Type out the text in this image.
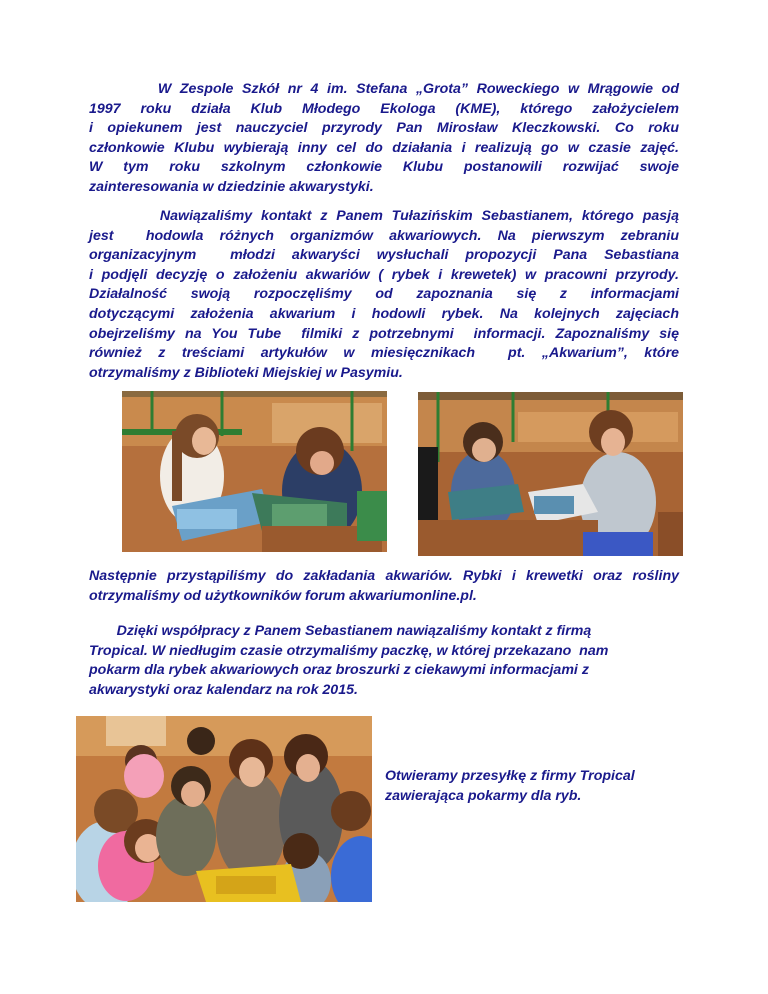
W Zespole Szkół nr 4 im. Stefana „Grota” Roweckiego w Mrągowie od
1997 roku działa Klub Młodego Ekologa (KME), którego założycielem
i opiekunem jest nauczyciel przyrody Pan Mirosław Kleczkowski. Co roku
członkowie Klubu wybierają inny cel do działania i realizują go w czasie zajęć.
W tym roku szkolnym członkowie Klubu postanowili rozwijać swoje
zainteresowania w dziedzinie akwarystyki.
Nawiązaliśmy kontakt z Panem Tułazińskim Sebastianem, którego pasją
jest  hodowla różnych organizmów akwariowych. Na pierwszym zebraniu
organizacyjnym  młodzi akwaryści wysłuchali propozycji Pana Sebastiana
i podjęli decyzję o założeniu akwariów ( rybek i krewetek) w pracowni przyrody.
Działalność swoją rozpoczęliśmy od zapoznania się z informacjami
dotyczącymi założenia akwarium i hodowli rybek. Na kolejnych zajęciach
obejrzeliśmy na You Tube  filmiki z potrzebnymi  informacji. Zapoznaliśmy się
również z treściami artykułów w miesięcznikach  pt. „Akwarium”, które
otrzymaliśmy z Biblioteki Miejskiej w Pasymiu.
Następnie przystąpiliśmy do zakładania akwariów. Rybki i krewetki oraz rośliny
otrzymaliśmy od użytkowników forum akwariumonline.pl.
Dzięki współpracy z Panem Sebastianem nawiązaliśmy kontakt z firmą
Tropical. W niedługim czasie otrzymaliśmy paczkę, w której przekazano  nam
pokarm dla rybek akwariowych oraz broszurki z ciekawymi informacjami z
akwarystyki oraz kalendarz na rok 2015.
Otwieramy przesyłkę z firmy Tropical
zawierająca pokarmy dla ryb.
